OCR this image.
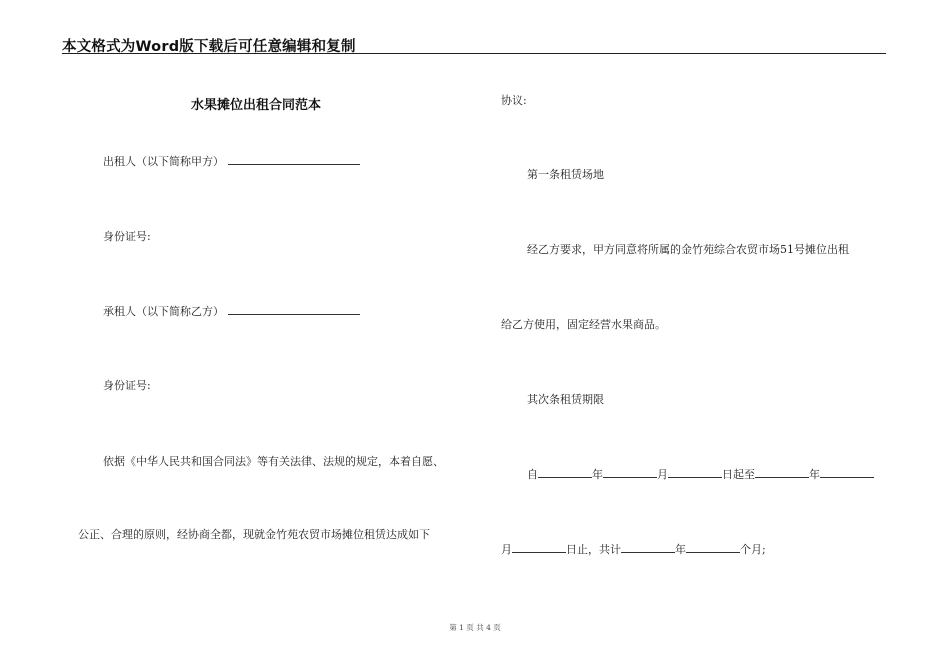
本文格式为Word版下载后可任意编辑和复制
水果摊位出租合同范本
出租人（以下简称甲方）
身份证号:
承租人（以下简称乙方）
身份证号:
依据《中华人民共和国合同法》等有关法律、法规的规定，本着自愿、
公正、合理的原则，经协商全都，现就金竹苑农贸市场摊位租赁达成如下
协议:
第一条租赁场地
经乙方要求，甲方同意将所属的金竹苑综合农贸市场51号摊位出租
给乙方使用，固定经营水果商品。
其次条租赁期限
自	年	月	日起至	年
月	日止，共计	年	个月;
第 1 页 共 4 页
